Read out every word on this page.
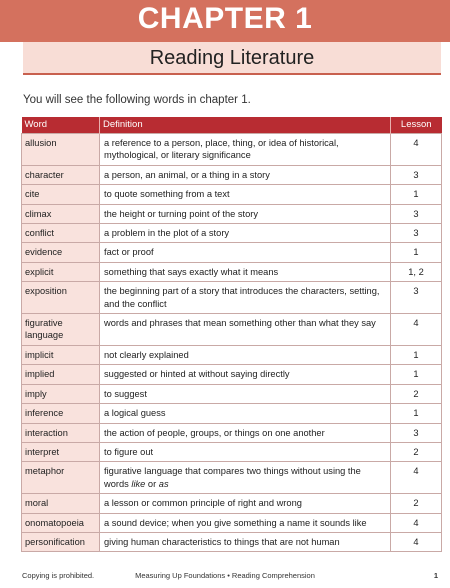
CHAPTER 1
Reading Literature
You will see the following words in chapter 1.
Word	Definition	Lesson
allusion	a reference to a person, place, thing, or idea of historical, mythological, or literary significance	4
character	a person, an animal, or a thing in a story	3
cite	to quote something from a text	1
climax	the height or turning point of the story	3
conflict	a problem in the plot of a story	3
evidence	fact or proof	1
explicit	something that says exactly what it means	1, 2
exposition	the beginning part of a story that introduces the characters, setting, and the conflict	3
figurative language	words and phrases that mean something other than what they say	4
implicit	not clearly explained	1
implied	suggested or hinted at without saying directly	1
imply	to suggest	2
inference	a logical guess	1
interaction	the action of people, groups, or things on one another	3
interpret	to figure out	2
metaphor	figurative language that compares two things without using the words like or as	4
moral	a lesson or common principle of right and wrong	2
onomatopoeia	a sound device; when you give something a name it sounds like	4
personification	giving human characteristics to things that are not human	4
Copying is prohibited.	Measuring Up Foundations • Reading Comprehension	1
